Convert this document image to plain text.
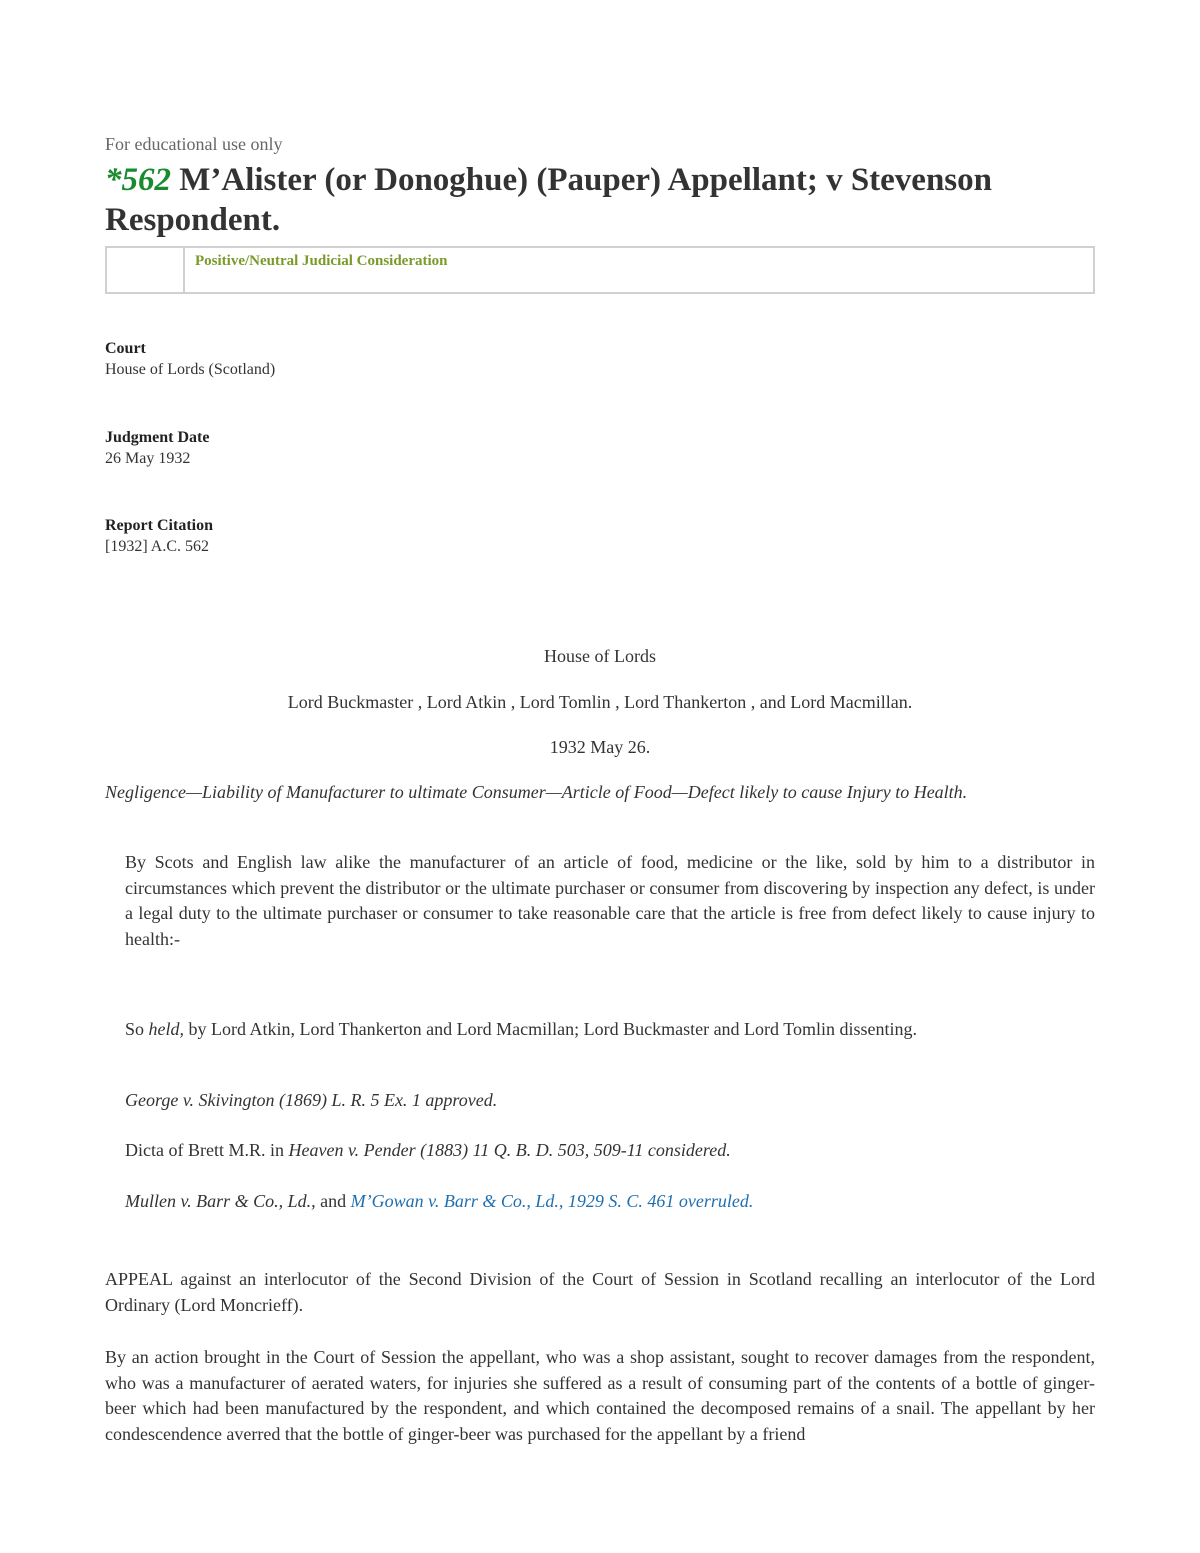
For educational use only
*562 M’Alister (or Donoghue) (Pauper) Appellant; v Stevenson Respondent.
Positive/Neutral Judicial Consideration
Court
House of Lords (Scotland)
Judgment Date
26 May 1932
Report Citation
[1932] A.C. 562
House of Lords
Lord Buckmaster , Lord Atkin , Lord Tomlin , Lord Thankerton , and Lord Macmillan.
1932 May 26.
Negligence—Liability of Manufacturer to ultimate Consumer—Article of Food—Defect likely to cause Injury to Health.
By Scots and English law alike the manufacturer of an article of food, medicine or the like, sold by him to a distributor in circumstances which prevent the distributor or the ultimate purchaser or consumer from discovering by inspection any defect, is under a legal duty to the ultimate purchaser or consumer to take reasonable care that the article is free from defect likely to cause injury to health:-
So held, by Lord Atkin, Lord Thankerton and Lord Macmillan; Lord Buckmaster and Lord Tomlin dissenting.
George v. Skivington (1869) L. R. 5 Ex. 1 approved.
Dicta of Brett M.R. in Heaven v. Pender (1883) 11 Q. B. D. 503, 509-11 considered.
Mullen v. Barr & Co., Ld., and M’Gowan v. Barr & Co., Ld., 1929 S. C. 461 overruled.
APPEAL against an interlocutor of the Second Division of the Court of Session in Scotland recalling an interlocutor of the Lord Ordinary (Lord Moncrieff).
By an action brought in the Court of Session the appellant, who was a shop assistant, sought to recover damages from the respondent, who was a manufacturer of aerated waters, for injuries she suffered as a result of consuming part of the contents of a bottle of ginger-beer which had been manufactured by the respondent, and which contained the decomposed remains of a snail. The appellant by her condescendence averred that the bottle of ginger-beer was purchased for the appellant by a friend
